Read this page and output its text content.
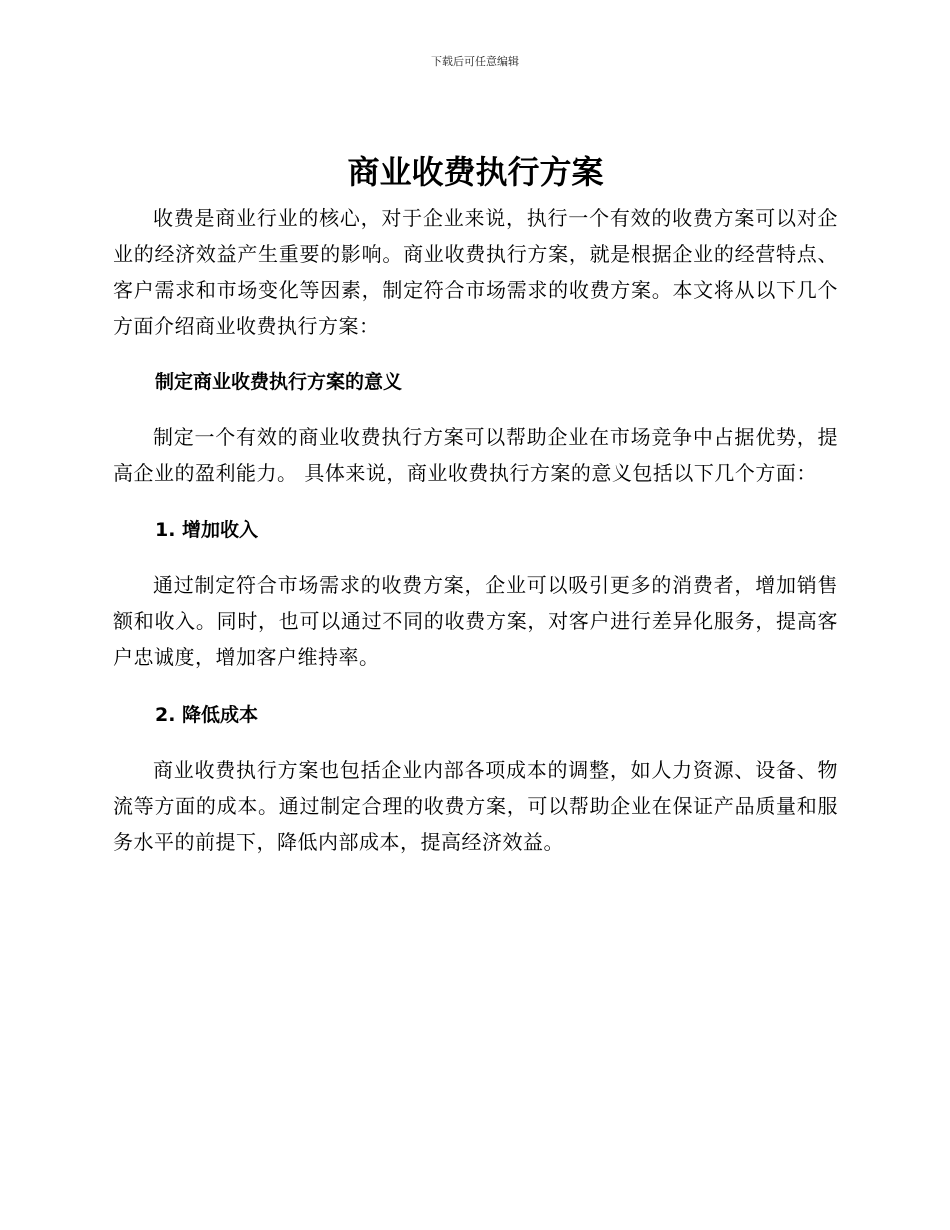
下载后可任意编辑
商业收费执行方案

收费是商业行业的核心，对于企业来说，执行一个有效的收费方案可以对企业的经济效益产生重要的影响。商业收费执行方案，就是根据企业的经营特点、客户需求和市场变化等因素，制定符合市场需求的收费方案。本文将从以下几个方面介绍商业收费执行方案：

制定商业收费执行方案的意义

制定一个有效的商业收费执行方案可以帮助企业在市场竞争中占据优势，提高企业的盈利能力。 具体来说，商业收费执行方案的意义包括以下几个方面：

1. 增加收入

通过制定符合市场需求的收费方案，企业可以吸引更多的消费者，增加销售额和收入。同时，也可以通过不同的收费方案，对客户进行差异化服务，提高客户忠诚度，增加客户维持率。

2. 降低成本

商业收费执行方案也包括企业内部各项成本的调整，如人力资源、设备、物流等方面的成本。通过制定合理的收费方案，可以帮助企业在保证产品质量和服务水平的前提下，降低内部成本，提高经济效益。
